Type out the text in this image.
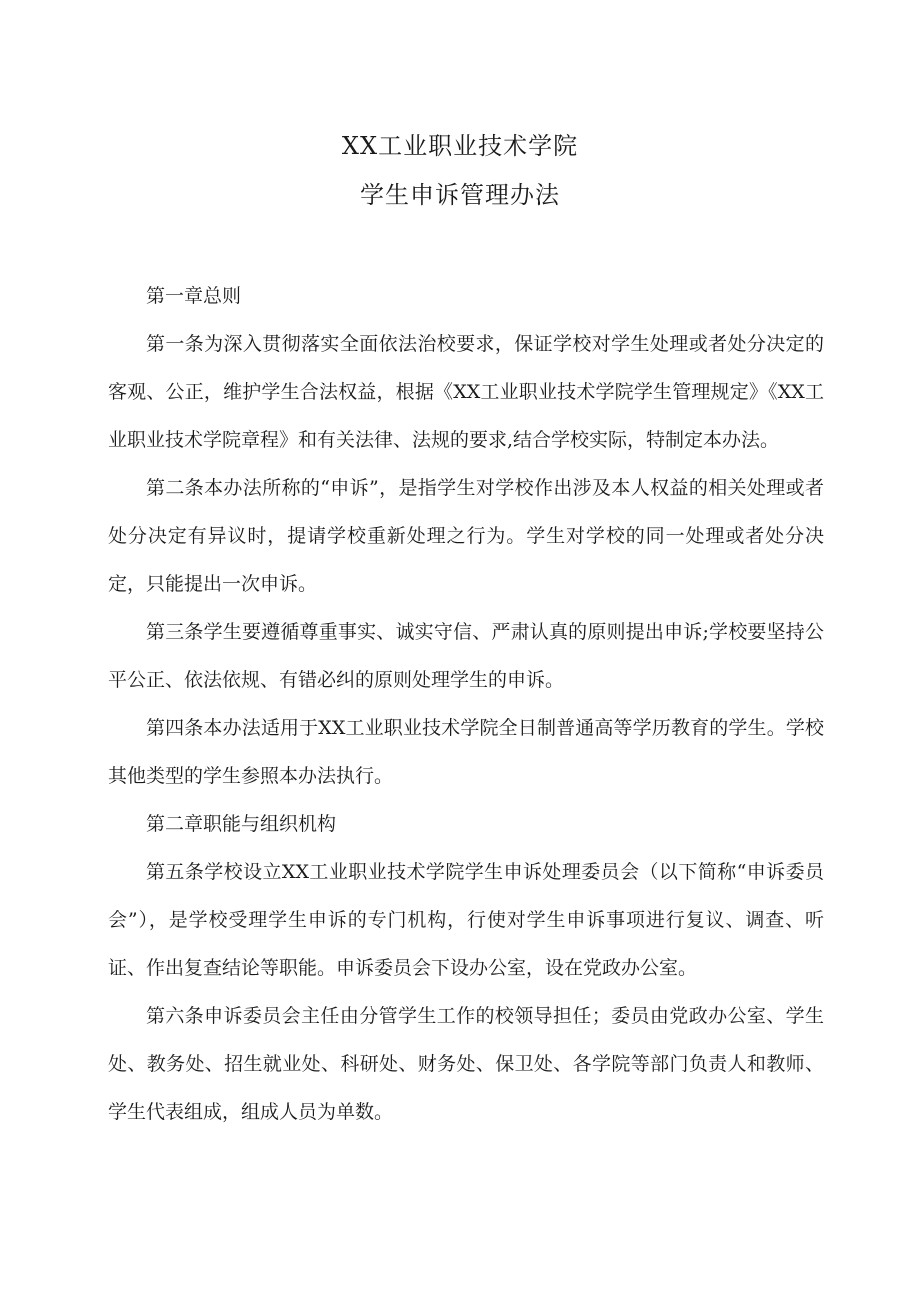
XX工业职业技术学院
学生申诉管理办法

第一章总则

第一条为深入贯彻落实全面依法治校要求，保证学校对学生处理或者处分决定的客观、公正，维护学生合法权益，根据《XX工业职业技术学院学生管理规定》《XX工业职业技术学院章程》和有关法律、法规的要求,结合学校实际，特制定本办法。

第二条本办法所称的“申诉”，是指学生对学校作出涉及本人权益的相关处理或者处分决定有异议时，提请学校重新处理之行为。学生对学校的同一处理或者处分决定，只能提出一次申诉。

第三条学生要遵循尊重事实、诚实守信、严肃认真的原则提出申诉;学校要坚持公平公正、依法依规、有错必纠的原则处理学生的申诉。

第四条本办法适用于XX工业职业技术学院全日制普通高等学历教育的学生。学校其他类型的学生参照本办法执行。

第二章职能与组织机构

第五条学校设立XX工业职业技术学院学生申诉处理委员会（以下简称“申诉委员会”），是学校受理学生申诉的专门机构，行使对学生申诉事项进行复议、调查、听证、作出复查结论等职能。申诉委员会下设办公室，设在党政办公室。

第六条申诉委员会主任由分管学生工作的校领导担任；委员由党政办公室、学生处、教务处、招生就业处、科研处、财务处、保卫处、各学院等部门负责人和教师、学生代表组成，组成人员为单数。
